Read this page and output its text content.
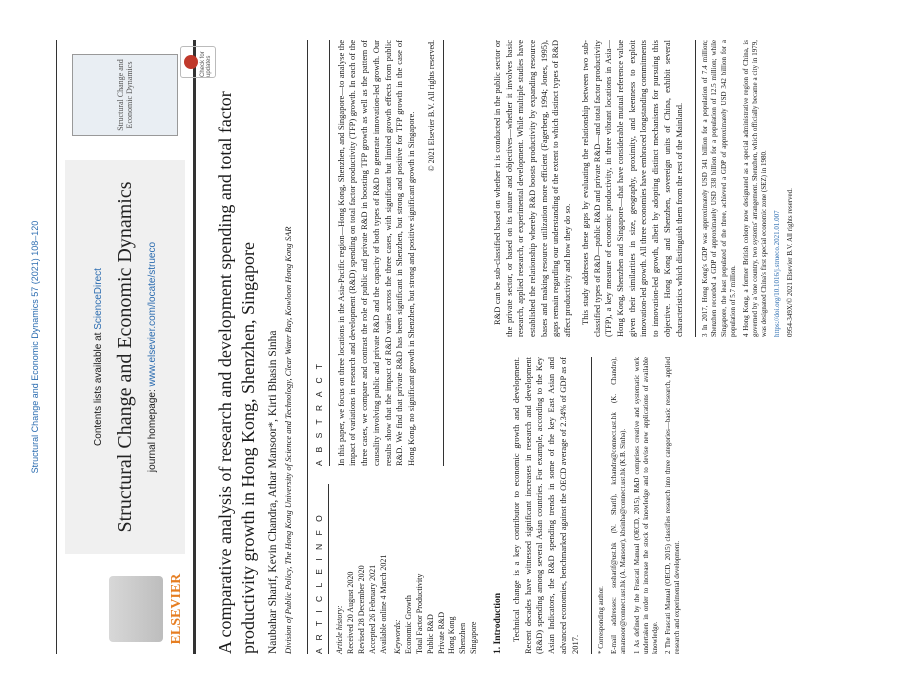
Structural Change and Economic Dynamics 57 (2021) 108–120
ELSEVIER
Contents lists available at ScienceDirect Structural Change and Economic Dynamics journal homepage: www.elsevier.com/locate/strueco
Structural Change and Economic Dynamics	A comparative analysis of research and development spending and total factor productivity growth in Hong Kong, Shenzhen, Singapore
Check for updates
Naubahar Sharif, Kevin Chandra, Athar Mansoor*, Kirti Bhasin Sinha Division of Public Policy, The Hong Kong University of Science and Technology, Clear Water Bay, Kowloon Hong Kong SAR A R T I C L E I N F O	Article history: Received 20 August 2020 Revised 28 December 2020 Accepted 26 February 2021 Available online 4 March 2021 Keywords: Economic Growth Total Factor Productivity Public R&D Private R&D Hong Kong Shenzhen Singapore
A B S T R A C T	In this paper, we focus on three locations in the Asia-Pacific region—Hong Kong, Shenzhen, and Singapore—to analyse the impact of variations in research and development (R&D) spending on total factor productivity (TFP) growth. In each of the three cases, we compare and contrast the role of public and private R&D in boosting TFP growth as well as the pattern of causality involving public and private R&D and the capacity of both types of R&D to generate innovation-led growth. Our results show that the impact of R&D varies across the three cases, with significant but limited growth effects from public R&D. We find that private R&D has been significant in Shenzhen, but strong and positive for TFP growth in the case of Hong Kong, no significant growth in Shenzhen, but strong and positive significant growth in Singapore.

© 2021 Elsevier B.V. All rights reserved.
1. Introduction Technical change is a key contributor to economic growth and development. Recent decades have witnessed significant increases in research and development (R&D) spending among several Asian countries. For example, according to the Key Asian Indicators, the R&D spending trends in some of the key East Asian and advanced economies, benchmarked against the OECD average of 2.34% of GDP as of 2017.	* Corresponding author. E-mail addresses: sosharif@ust.hk (N. Sharif), kchandra@connect.ust.hk (K. Chandra), amansoor@connect.ust.hk (A. Mansoor), kbsinha@connect.ust.hk (K.B. Sinha). 1 As defined by the Frascati Manual (OECD, 2015), R&D comprises creative and systematic work undertaken in order to increase the stock of knowledge and to devise new applications of available knowledge. 2 The Frascati Manual (OECD, 2015) classifies research into three categories—basic research, applied research and experimental development.

R&D can be sub-classified based on whether it is conducted in the public sector or the private sector, or based on its nature and objectives—whether it involves basic research, applied research, or experimental development. While multiple studies have established the relationship whereby R&D boosts productivity by expanding resource bases and making resource utilization more efficient (Fagerberg, 1994; Jones, 1995), gaps remain regarding our understanding of the extent to which distinct types of R&D affect productivity and how they do so. This study addresses these gaps by evaluating the relationship between two sub-classified types of R&D—public R&D and private R&D—and total factor productivity (TFP), a key measure of economic productivity, in three vibrant locations in Asia—Hong Kong, Shenzhen and Singapore—that have considerable mutual reference value given their similarities in size, geography, proximity, and keenness to exploit innovation-led growth. All three economies have embraced longstanding commitments to innovation-led growth, albeit by adopting distinct mechanisms for pursuing this objective. Hong Kong and Shenzhen, sovereign units of China, exhibit several characteristics which distinguish them from the rest of the Mainland.	3 In 2017, Hong Kong's GDP was approximately USD 341 billion for a population of 7.4 million; Shenzhen recorded a GDP of approximately USD 338 billion for a population of 12.5 million; while Singapore, the least populated of the three, achieved a GDP of approximately USD 342 billion for a population of 5.7 million. 4 Hong Kong, a former British colony now designated as a special administrative region of China, is governed by a 'one country, two systems' arrangement. Shenzhen, which officially became a city in 1979, was designated China's first special economic zone (SEZ) in 1980. https://doi.org/10.1016/j.strueco.2021.01.007 0954-349X/© 2021 Elsevier B.V. All rights reserved.
